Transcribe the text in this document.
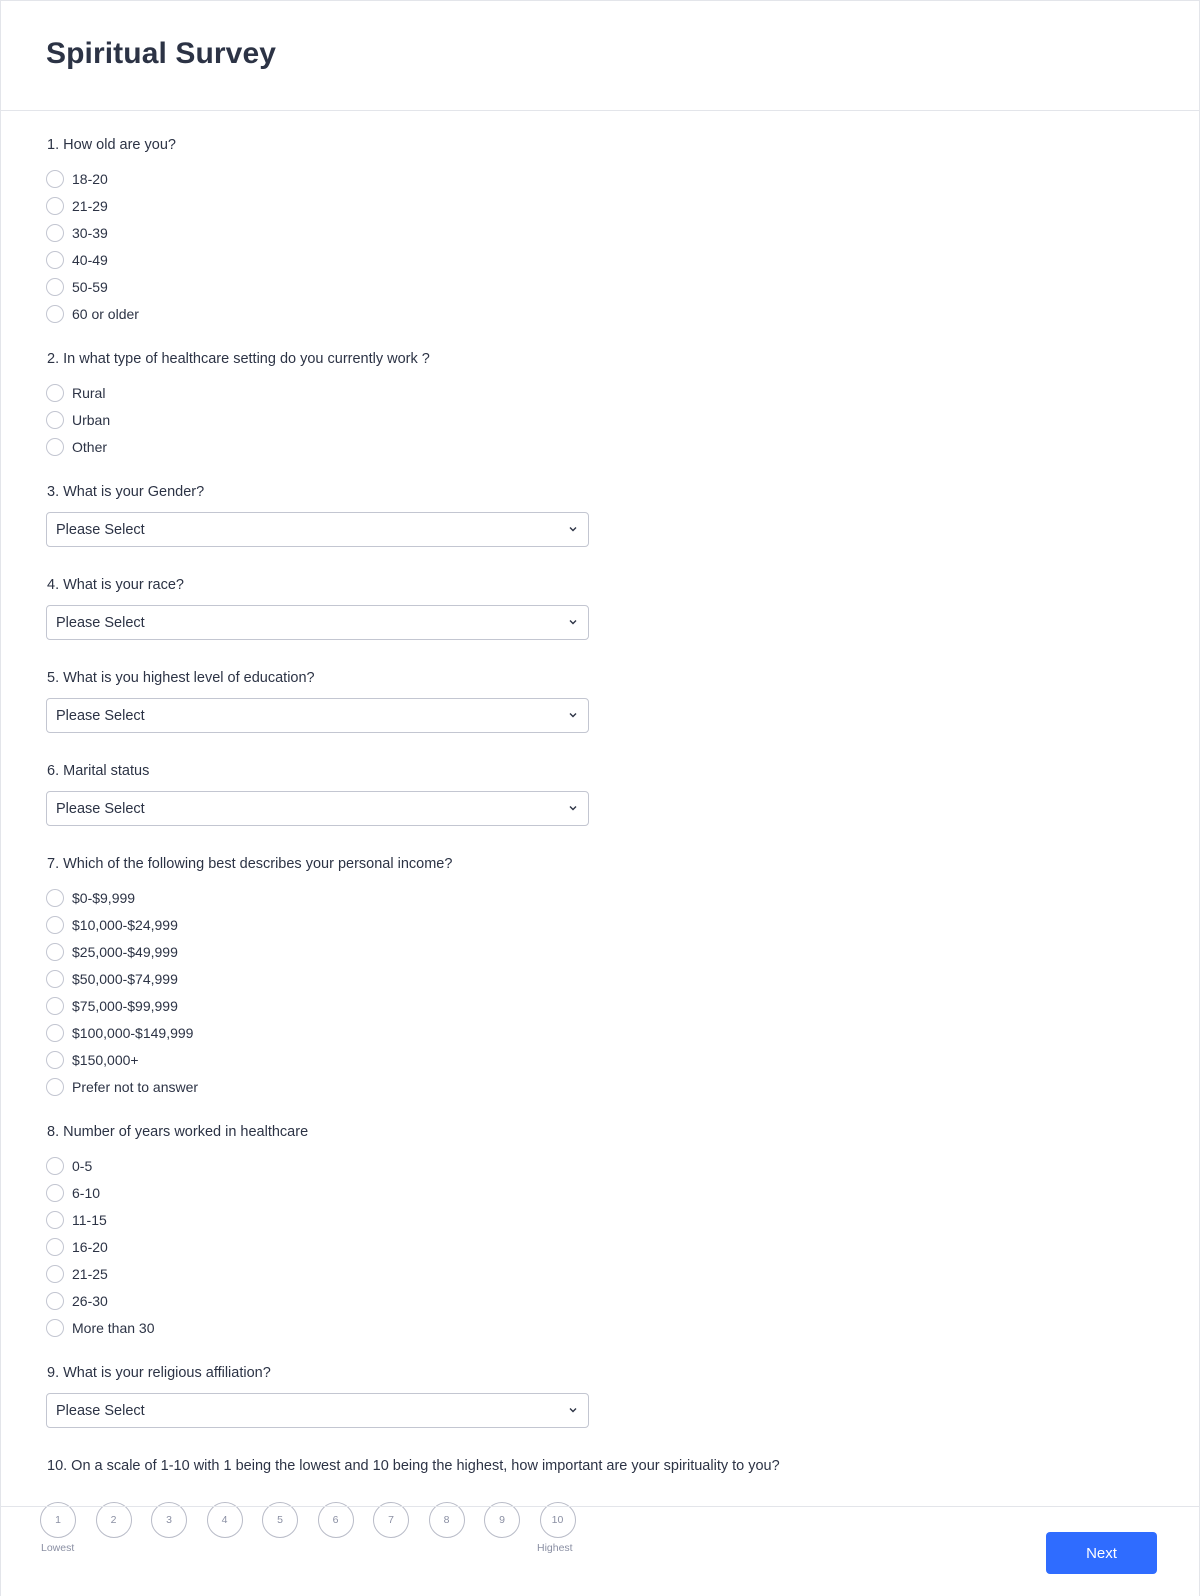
Spiritual Survey
1. How old are you?
18-20
21-29
30-39
40-49
50-59
60 or older
2. In what type of healthcare setting do you currently work ?
Rural
Urban
Other
3. What is your Gender?
Please Select
4. What is your race?
Please Select
5. What is you highest level of education?
Please Select
6. Marital status
Please Select
7. Which of the following best describes your personal income?
$0-$9,999
$10,000-$24,999
$25,000-$49,999
$50,000-$74,999
$75,000-$99,999
$100,000-$149,999
$150,000+
Prefer not to answer
8. Number of years worked in healthcare
0-5
6-10
11-15
16-20
21-25
26-30
More than 30
9. What is your religious affiliation?
Please Select
10. On a scale of 1-10 with 1 being the lowest and 10 being the highest, how important are your spirituality to you?
1	2	3	4	5	6	7	8	9	10
Lowest	Highest	Next
